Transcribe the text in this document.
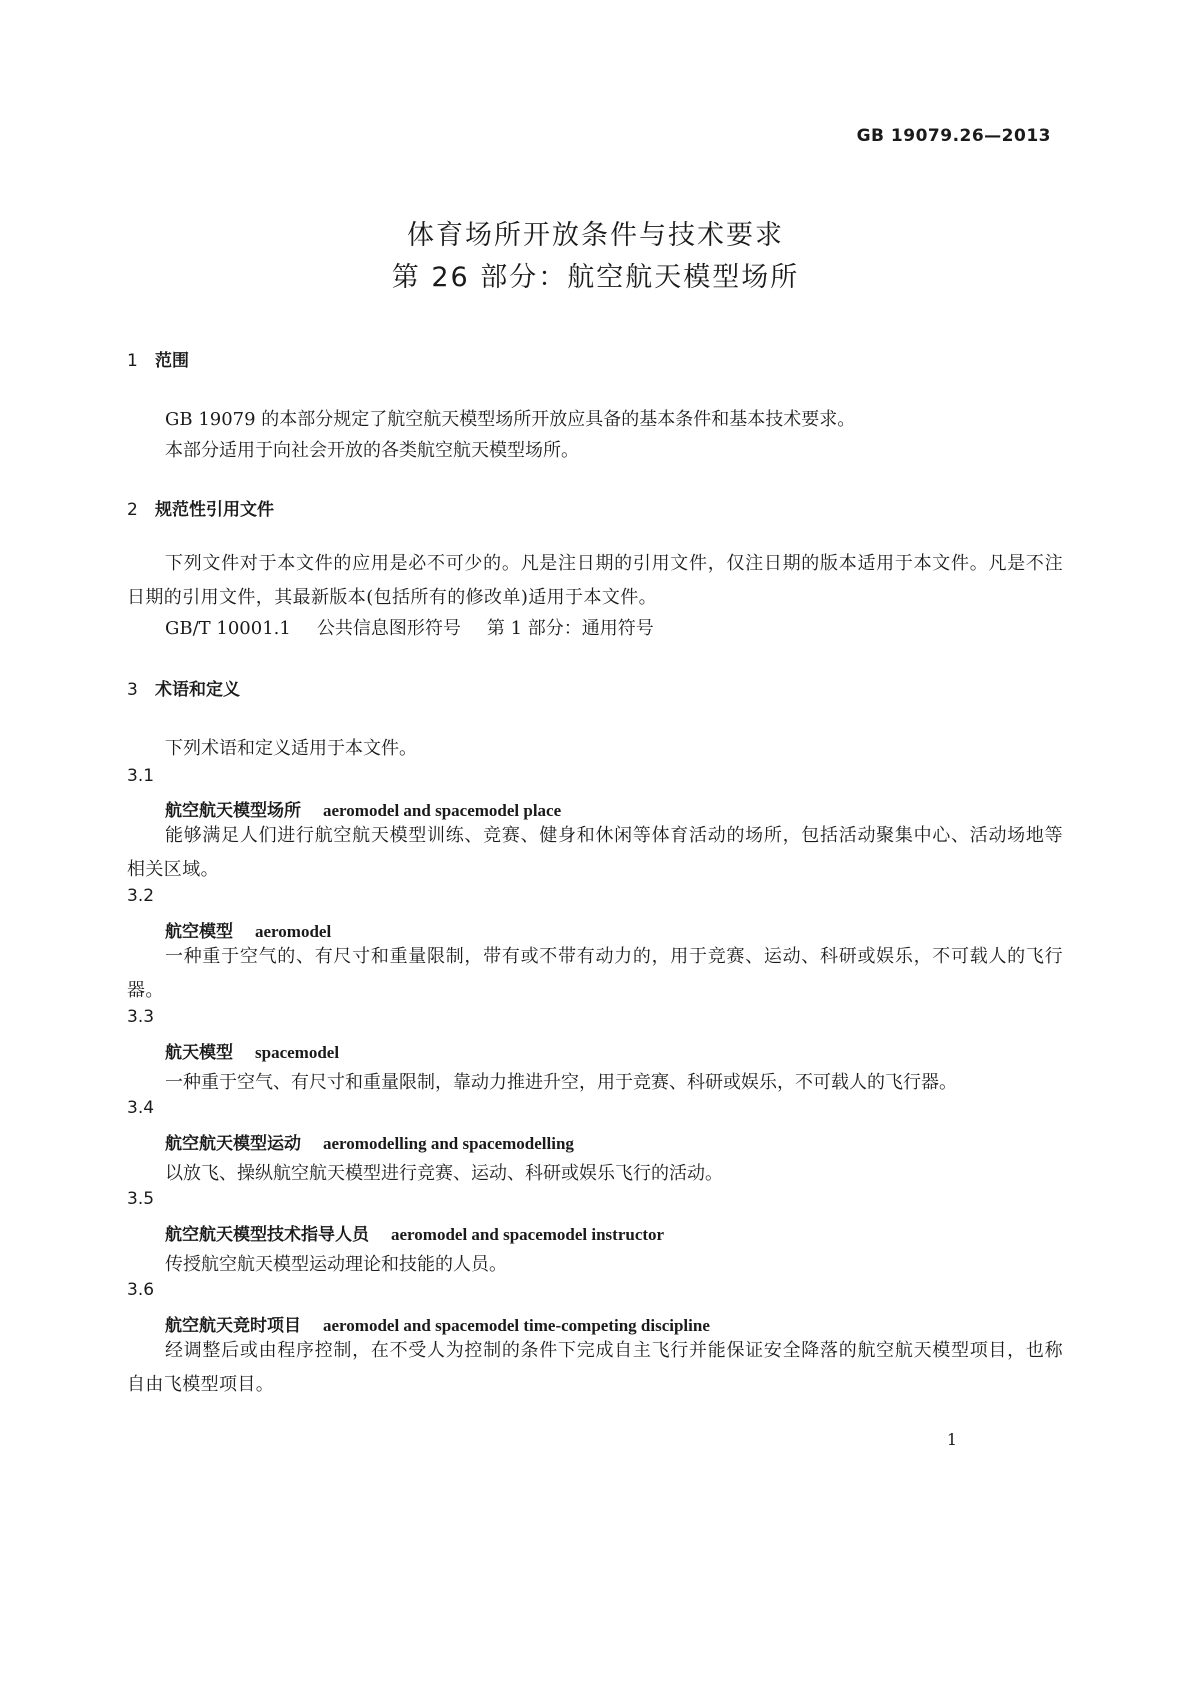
GB 19079.26—2013
体育场所开放条件与技术要求
第 26 部分：航空航天模型场所
1 范围
GB 19079 的本部分规定了航空航天模型场所开放应具备的基本条件和基本技术要求。
本部分适用于向社会开放的各类航空航天模型场所。
2 规范性引用文件
下列文件对于本文件的应用是必不可少的。凡是注日期的引用文件，仅注日期的版本适用于本文件。凡是不注日期的引用文件，其最新版本(包括所有的修改单)适用于本文件。
GB/T 10001.1 公共信息图形符号 第 1 部分：通用符号
3 术语和定义
下列术语和定义适用于本文件。
3.1
航空航天模型场所 aeromodel and spacemodel place
能够满足人们进行航空航天模型训练、竞赛、健身和休闲等体育活动的场所，包括活动聚集中心、活动场地等相关区域。
3.2
航空模型 aeromodel
一种重于空气的、有尺寸和重量限制，带有或不带有动力的，用于竞赛、运动、科研或娱乐，不可载人的飞行器。
3.3
航天模型 spacemodel
一种重于空气、有尺寸和重量限制，靠动力推进升空，用于竞赛、科研或娱乐，不可载人的飞行器。
3.4
航空航天模型运动 aeromodelling and spacemodelling
以放飞、操纵航空航天模型进行竞赛、运动、科研或娱乐飞行的活动。
3.5
航空航天模型技术指导人员 aeromodel and spacemodel instructor
传授航空航天模型运动理论和技能的人员。
3.6
航空航天竞时项目 aeromodel and spacemodel time-competing discipline
经调整后或由程序控制，在不受人为控制的条件下完成自主飞行并能保证安全降落的航空航天模型项目，也称自由飞模型项目。
1
